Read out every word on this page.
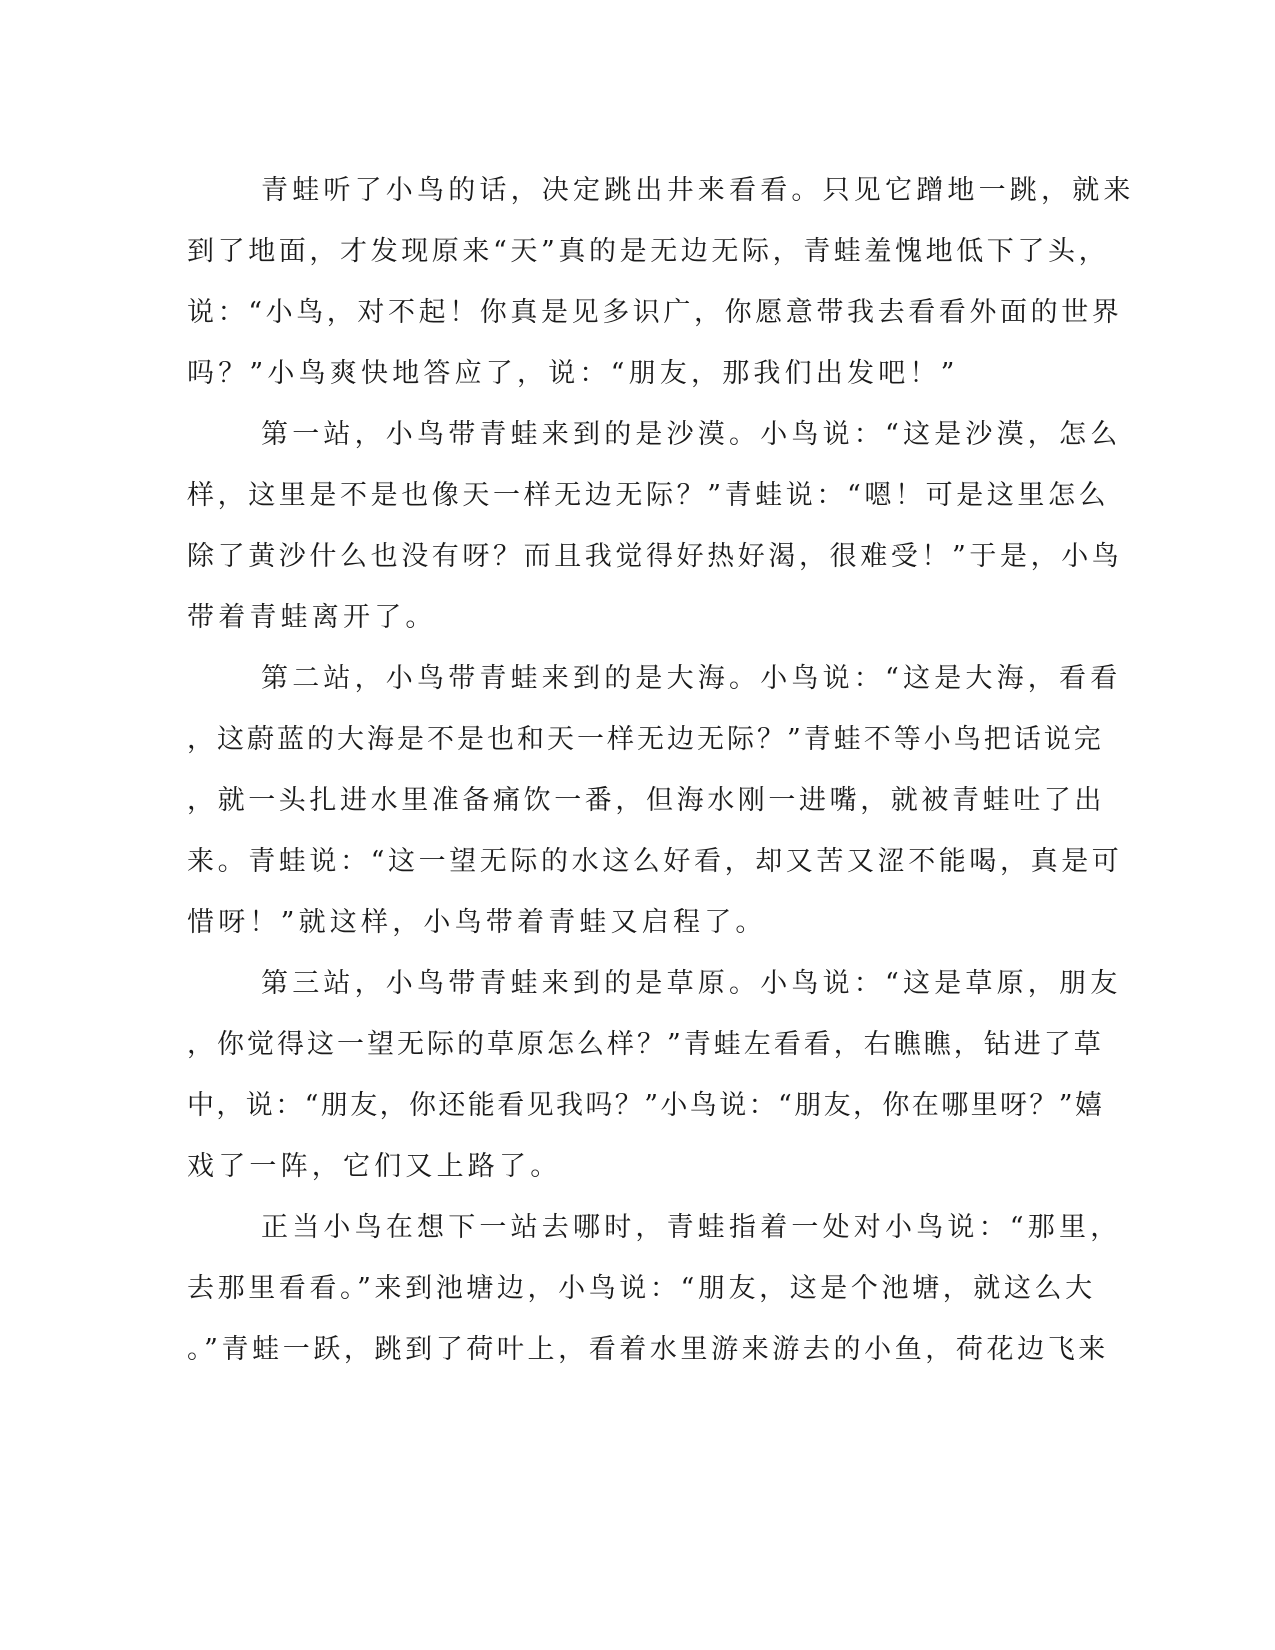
青蛙听了小鸟的话，决定跳出井来看看。只见它蹭地一跳，就来
到了地面，才发现原来“天”真的是无边无际，青蛙羞愧地低下了头，
说：“小鸟，对不起！你真是见多识广，你愿意带我去看看外面的世界
吗？”小鸟爽快地答应了，说：“朋友，那我们出发吧！”
第一站，小鸟带青蛙来到的是沙漠。小鸟说：“这是沙漠，怎么
样，这里是不是也像天一样无边无际？”青蛙说：“嗯！可是这里怎么
除了黄沙什么也没有呀？而且我觉得好热好渴，很难受！”于是，小鸟
带着青蛙离开了。
第二站，小鸟带青蛙来到的是大海。小鸟说：“这是大海，看看
，这蔚蓝的大海是不是也和天一样无边无际？”青蛙不等小鸟把话说完
，就一头扎进水里准备痛饮一番，但海水刚一进嘴，就被青蛙吐了出
来。青蛙说：“这一望无际的水这么好看，却又苦又涩不能喝，真是可
惜呀！”就这样，小鸟带着青蛙又启程了。
第三站，小鸟带青蛙来到的是草原。小鸟说：“这是草原，朋友
，你觉得这一望无际的草原怎么样？”青蛙左看看，右瞧瞧，钻进了草
中，说：“朋友，你还能看见我吗？”小鸟说：“朋友，你在哪里呀？”嬉
戏了一阵，它们又上路了。
正当小鸟在想下一站去哪时，青蛙指着一处对小鸟说：“那里，
去那里看看。”来到池塘边，小鸟说：“朋友，这是个池塘，就这么大
。”青蛙一跃，跳到了荷叶上，看着水里游来游去的小鱼，荷花边飞来
